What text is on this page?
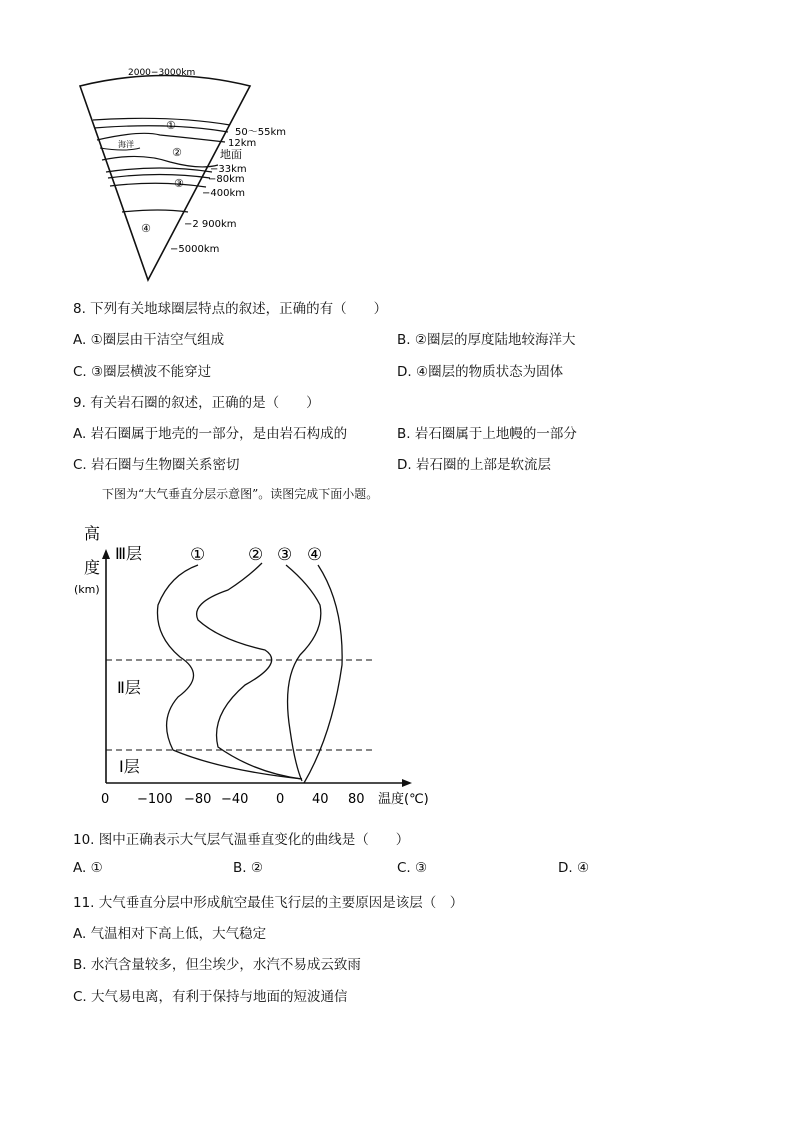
2000−3000km
①
海洋
②
③
④
50～55km
12km
地面
−33km
−80km
−400km
−2 900km
−5000km
8. 下列有关地球圈层特点的叙述，正确的有（　　）
A. ①圈层由干洁空气组成	B. ②圈层的厚度陆地较海洋大
C. ③圈层横波不能穿过	D. ④圈层的物质状态为固体
9. 有关岩石圈的叙述，正确的是（　　）
A. 岩石圈属于地壳的一部分，是由岩石构成的	B. 岩石圈属于上地幔的一部分
C. 岩石圈与生物圈关系密切	D. 岩石圈的上部是软流层
下图为“大气垂直分层示意图”。读图完成下面小题。
高
度
(km)
Ⅲ层
Ⅱ层
Ⅰ层
①	② ③ ④
0 −100 −80 −40 0 40 80 温度(℃)
10. 图中正确表示大气层气温垂直变化的曲线是（　　）
A. ①	B. ②	C. ③	D. ④
11. 大气垂直分层中形成航空最佳飞行层的主要原因是该层（　）
A. 气温相对下高上低，大气稳定
B. 水汽含量较多，但尘埃少，水汽不易成云致雨
C. 大气易电离，有利于保持与地面的短波通信
